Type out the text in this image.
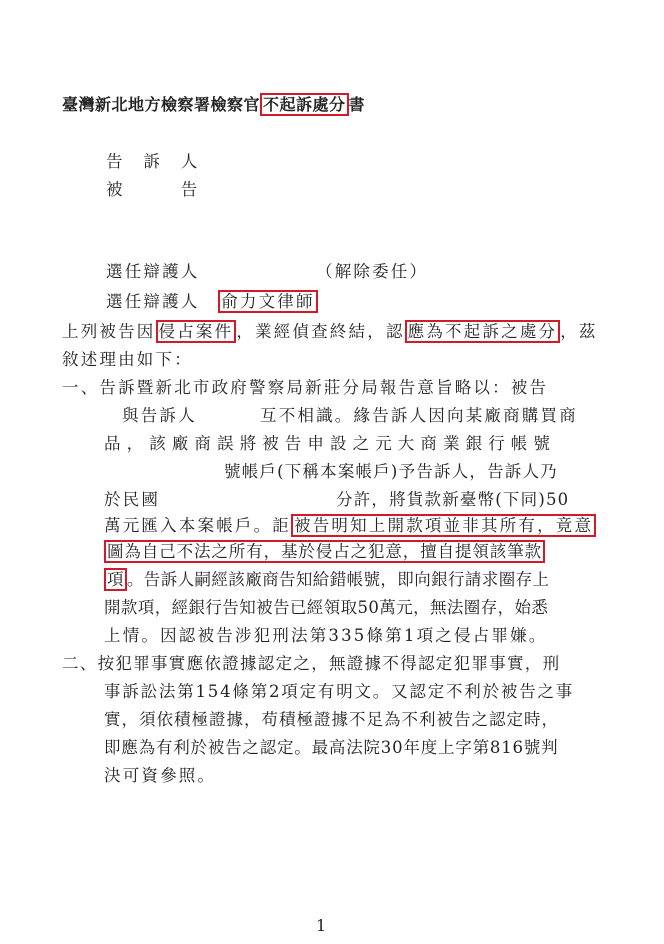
臺灣新北地方檢察署檢察官 不起訴處分 書
告　訴　人
被　　　告
選任辯護人	（解除委任）
選任辯護人　 俞力文律師
上列被告因 侵占案件 ，業經偵查終結，認 應為不起訴之處分 ，茲
敘述理由如下：
一、告訴暨新北市政府警察局新莊分局報告意旨略以：被告
與告訴人	互不相識。緣告訴人因向某廠商購買商
品，該廠商誤將被告申設之元大商業銀行帳號
號帳戶(下稱本案帳戶)予告訴人，告訴人乃
於民國	分許，將貨款新臺幣(下同)50
萬元匯入本案帳戶。詎 被告明知上開款項並非其所有，竟意
圖為自己不法之所有，基於侵占之犯意，擅自提領該筆款
項 。告訴人嗣經該廠商告知給錯帳號，即向銀行請求圈存上
開款項，經銀行告知被告已經領取50萬元，無法圈存，始悉
上情。因認被告涉犯刑法第335條第1項之侵占罪嫌。
二、按犯罪事實應依證據認定之，無證據不得認定犯罪事實，刑
事訴訟法第154條第2項定有明文。又認定不利於被告之事
實，須依積極證據，苟積極證據不足為不利被告之認定時，
即應為有利於被告之認定。最高法院30年度上字第816號判
決可資參照。
1
